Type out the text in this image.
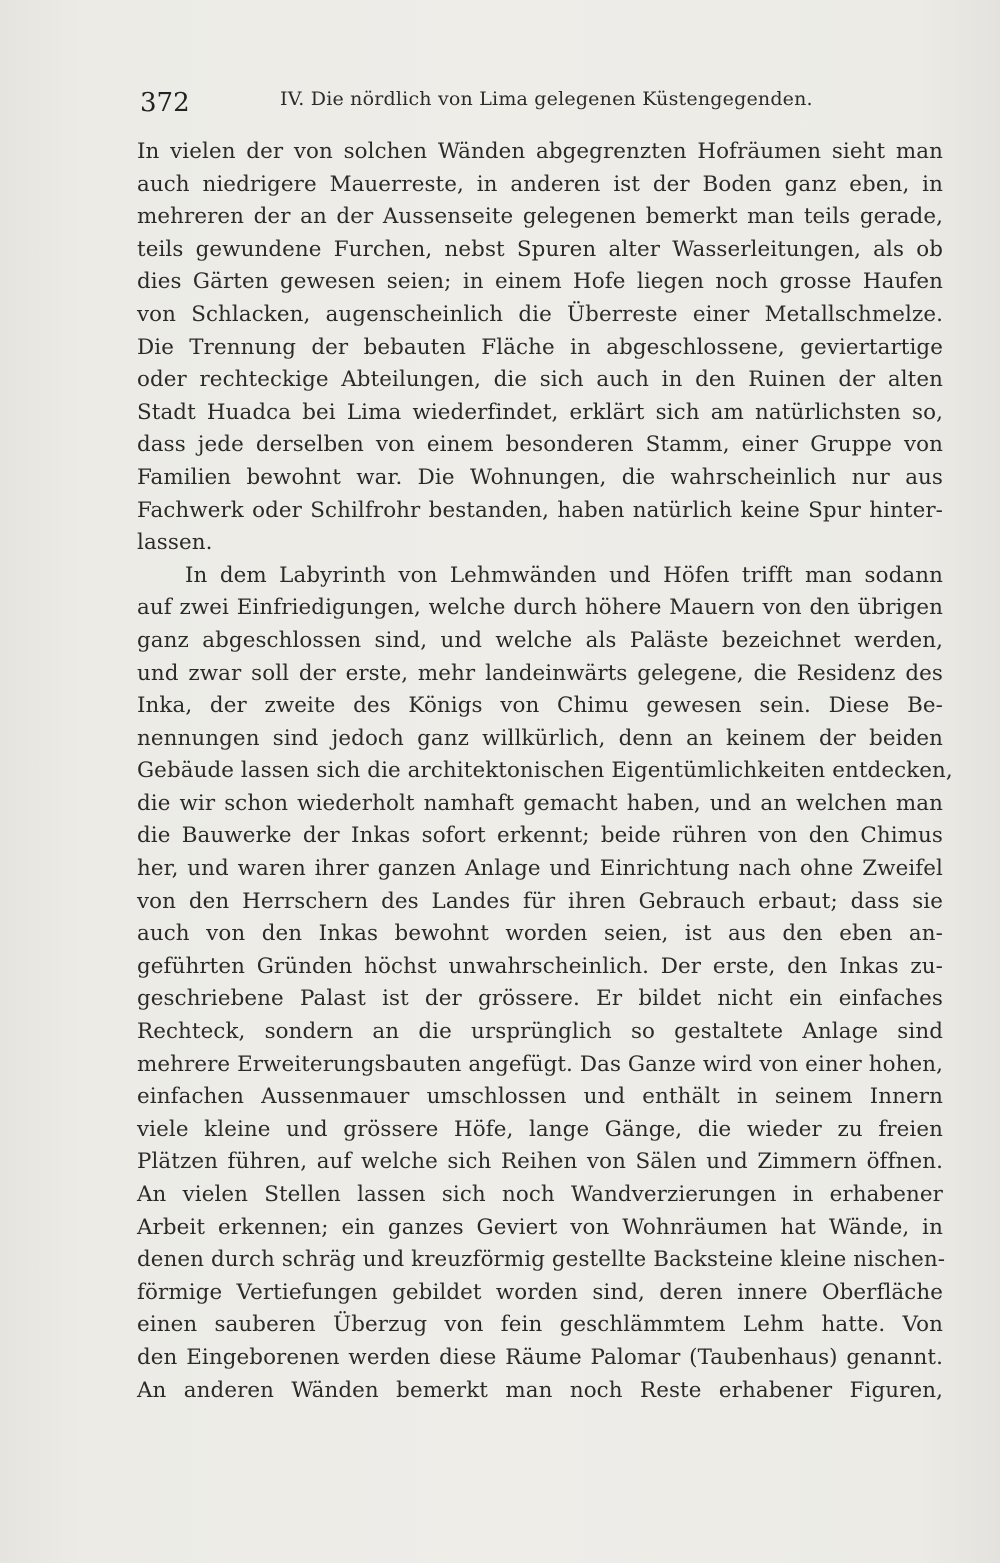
372	IV. Die nördlich von Lima gelegenen Küstengegenden.
In vielen der von solchen Wänden abgegrenzten Hofräumen sieht man
auch niedrigere Mauerreste, in anderen ist der Boden ganz eben, in
mehreren der an der Aussenseite gelegenen bemerkt man teils gerade,
teils gewundene Furchen, nebst Spuren alter Wasserleitungen, als ob
dies Gärten gewesen seien; in einem Hofe liegen noch grosse Haufen
von Schlacken, augenscheinlich die Überreste einer Metallschmelze.
Die Trennung der bebauten Fläche in abgeschlossene, geviertartige
oder rechteckige Abteilungen, die sich auch in den Ruinen der alten
Stadt Huadca bei Lima wiederfindet, erklärt sich am natürlichsten so,
dass jede derselben von einem besonderen Stamm, einer Gruppe von
Familien bewohnt war. Die Wohnungen, die wahrscheinlich nur aus
Fachwerk oder Schilfrohr bestanden, haben natürlich keine Spur hinter-
lassen.
In dem Labyrinth von Lehmwänden und Höfen trifft man sodann
auf zwei Einfriedigungen, welche durch höhere Mauern von den übrigen
ganz abgeschlossen sind, und welche als Paläste bezeichnet werden,
und zwar soll der erste, mehr landeinwärts gelegene, die Residenz des
Inka, der zweite des Königs von Chimu gewesen sein. Diese Be-
nennungen sind jedoch ganz willkürlich, denn an keinem der beiden
Gebäude lassen sich die architektonischen Eigentümlichkeiten entdecken,
die wir schon wiederholt namhaft gemacht haben, und an welchen man
die Bauwerke der Inkas sofort erkennt; beide rühren von den Chimus
her, und waren ihrer ganzen Anlage und Einrichtung nach ohne Zweifel
von den Herrschern des Landes für ihren Gebrauch erbaut; dass sie
auch von den Inkas bewohnt worden seien, ist aus den eben an-
geführten Gründen höchst unwahrscheinlich. Der erste, den Inkas zu-
geschriebene Palast ist der grössere. Er bildet nicht ein einfaches
Rechteck, sondern an die ursprünglich so gestaltete Anlage sind
mehrere Erweiterungsbauten angefügt. Das Ganze wird von einer hohen,
einfachen Aussenmauer umschlossen und enthält in seinem Innern
viele kleine und grössere Höfe, lange Gänge, die wieder zu freien
Plätzen führen, auf welche sich Reihen von Sälen und Zimmern öffnen.
An vielen Stellen lassen sich noch Wandverzierungen in erhabener
Arbeit erkennen; ein ganzes Geviert von Wohnräumen hat Wände, in
denen durch schräg und kreuzförmig gestellte Backsteine kleine nischen-
förmige Vertiefungen gebildet worden sind, deren innere Oberfläche
einen sauberen Überzug von fein geschlämmtem Lehm hatte. Von
den Eingeborenen werden diese Räume Palomar (Taubenhaus) genannt.
An anderen Wänden bemerkt man noch Reste erhabener Figuren,
